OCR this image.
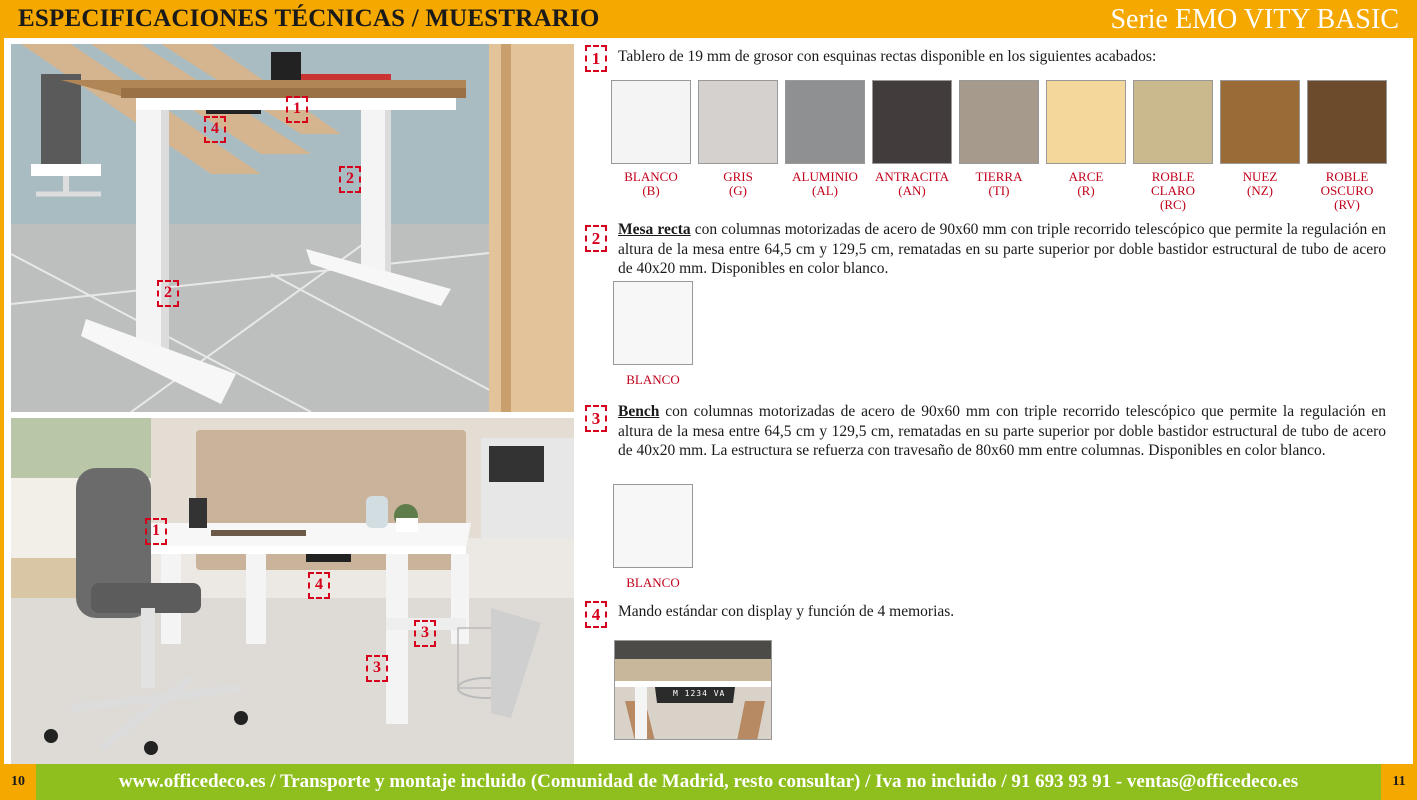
ESPECIFICACIONES TÉCNICAS / MUESTRARIO	Serie EMO VITY BASIC
1
4
2
2
1
4
3
3
1	Tablero de 19 mm de grosor con esquinas rectas disponible en los siguientes acabados:
BLANCO
(B)
GRIS
(G)
ALUMINIO
(AL)
ANTRACITA
(AN)
TIERRA
(TI)
ARCE
(R)
ROBLE CLARO
(RC)
NUEZ
(NZ)
ROBLE OSCURO
(RV)
2	Mesa recta con columnas motorizadas de acero de 90x60 mm con triple recorrido telescópico que permite la regulación en altura de la mesa entre 64,5 cm y 129,5 cm, rematadas en su parte superior por doble bastidor estructural de tubo de acero de 40x20 mm. Disponibles en color blanco.
BLANCO
3	Bench con columnas motorizadas de acero de 90x60 mm con triple recorrido telescópico que permite la regulación en altura de la mesa entre 64,5 cm y 129,5 cm, rematadas en su parte superior por doble bastidor estructural de tubo de acero de 40x20 mm. La estructura se refuerza con travesaño de 80x60 mm entre columnas. Disponibles en color blanco.
BLANCO
4	Mando estándar con display y función de 4 memorias.
M 1234 VA
10	www.officedeco.es / Transporte y montaje incluido (Comunidad de Madrid, resto consultar) / Iva no incluido / 91 693 93 91 - ventas@officedeco.es	11
